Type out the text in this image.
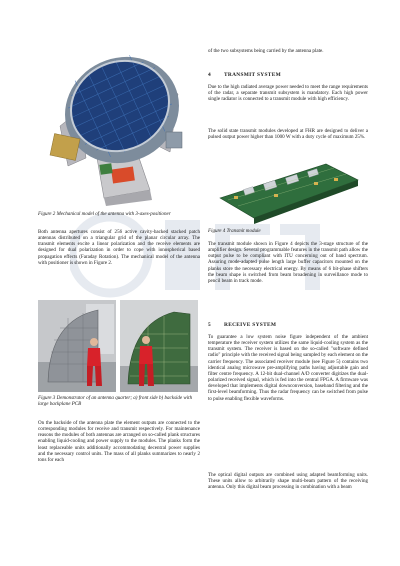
Figure 2 Mechanical model of the antenna with 3-axes-positioner

Both antenna apertures consist of 256 active cavity-backed stacked patch antennas distributed on a triangular grid of the planar circular array. The transmit elements excite a linear polarization and the receive elements are designed for dual polarization in order to cope with ionospherical based propagation effects (Faraday Rotation). The mechanical model of the antenna with positioner is shown in Figure 2.

Figure 3 Demonstrator of an antenna quarter; a) front side b) backside with large backplane PCB

On the backside of the antenna plate the element outputs are connected to the corresponding modules for receive and transmit respectively. For maintenance reasons the modules of both antennas are arranged on so-called plank structures enabling liquid-cooling and power supply to the modules. The planks form the least replaceable units additionally accommodating decentral power supplies and the necessary control units. The mass of all planks summarizes to nearly 2 tons for each

of the two subsystems being carried by the antenna plate.

4 TRANSMIT SYSTEM

Due to the high radiated average power needed to meet the range requirements of the radar, a separate transmit subsystem is mandatory. Each high power single radiator is connected to a transmit module with high efficiency.

The solid state transmit modules developed at FHR are designed to deliver a pulsed output power higher than 1000 W with a duty cycle of maximum 25%.

Figure 4 Transmit module

The transmit module shown in Figure 4 depicts the 3-stage structure of the amplifier design. Several programmable features in the transmit path allow the output pulse to be compliant with ITU concerning out of band spectrum. Assuring mode-adapted pulse length large buffer capacitors mounted on the planks store the necessary electrical energy. By means of 6 bit-phase shifters the beam shape is switched from beam broadening in surveillance mode to pencil beam in track mode.

5 RECEIVE SYSTEM

To guarantee a low system noise figure independent of the ambient temperature the receiver system utilizes the same liquid-cooling system as the transmit system. The receiver is based on the so-called "software defined radio" principle with the received signal being sampled by each element on the carrier frequency. The associated receiver module (see Figure 5) contains two identical analog microwave pre-amplifying paths having adjustable gain and filter centre frequency. A 12-bit dual-channel A/D converter digitizes the dual-polarized received signal, which is fed into the central FPGA. A firmware was developed that implements digital downconversion, baseband filtering and the first-level beamforming. Thus the radar frequency can be switched from pulse to pulse enabling flexible waveforms.

The optical digital outputs are combined using adapted beamforming units. These units allow to arbitrarily shape multi-beam pattern of the receiving antenna. Only this digital beam processing in combination with a beam
